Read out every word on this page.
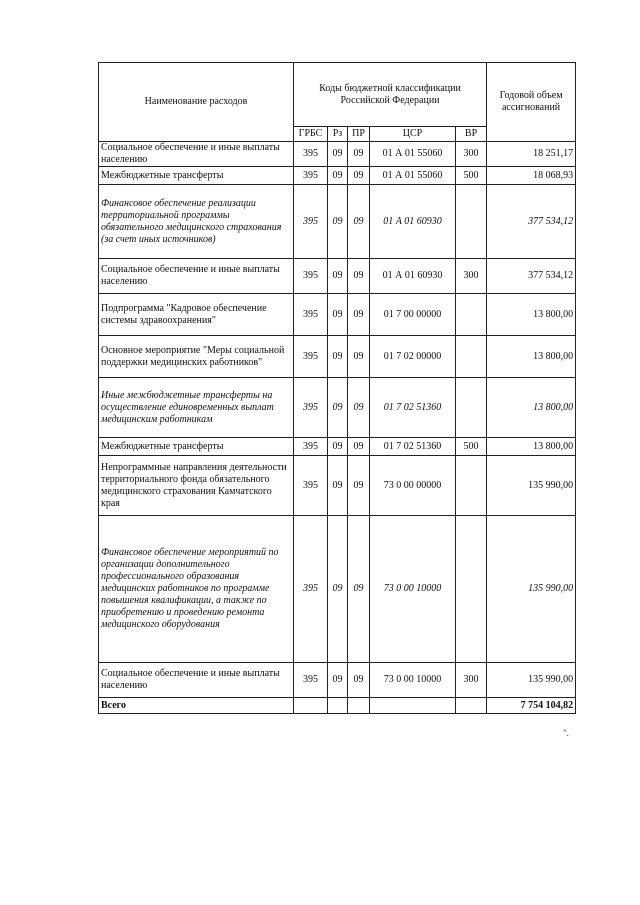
Наименование расходов	Коды бюджетной классификации Российской Федерации					Годовой объем ассигнований
	ГРБС	Рз	ПР	ЦСР	ВР	
Социальное обеспечение и иные выплаты населению	395	09	09	01 А 01 55060	300	18 251,17
Межбюджетные трансферты	395	09	09	01 А 01 55060	500	18 068,93
Финансовое обеспечение реализации территориальной программы обязательного медицинского страхования (за счет иных источников)	395	09	09	01 А 01 60930		377 534,12
Социальное обеспечение и иные выплаты населению	395	09	09	01 А 01 60930	300	377 534,12
Подпрограмма "Кадровое обеспечение системы здравоохранения"	395	09	09	01 7 00 00000		13 800,00
Основное мероприятие "Меры социальной поддержки медицинских работников"	395	09	09	01 7 02 00000		13 800,00
Иные межбюджетные трансферты на осуществление единовременных выплат медицинским работникам	395	09	09	01 7 02 51360		13 800,00
Межбюджетные трансферты	395	09	09	01 7 02 51360	500	13 800,00
Непрограммные направления деятельности территориального фонда обязательного медицинского страхования Камчатского края	395	09	09	73 0 00 00000		135 990,00
Финансовое обеспечение мероприятий по организации дополнительного профессионального образования медицинских работников по программе повышения квалификации, а также по приобретению и проведению ремонта медицинского оборудования	395	09	09	73 0 00 10000		135 990,00
Социальное обеспечение и иные выплаты населению	395	09	09	73 0 00 10000	300	135 990,00
Всего						7 754 104,82
".
